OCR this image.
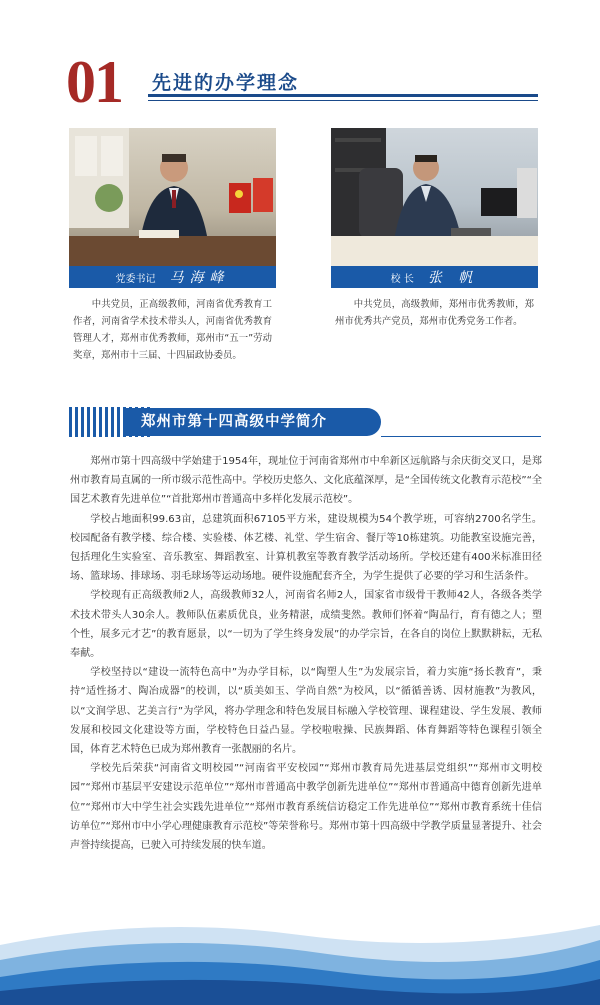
01 先进的办学理念
党委书记 马海峰
中共党员，正高级教师，河南省优秀教育工作者，河南省学术技术带头人，河南省优秀教育管理人才，郑州市优秀教师，郑州市“五一”劳动奖章，郑州市十三届、十四届政协委员。
校 长 张 帆
中共党员，高级教师，郑州市优秀教师，郑州市优秀共产党员，郑州市优秀党务工作者。
郑州市第十四高级中学简介

郑州市第十四高级中学始建于1954年，现址位于河南省郑州市中牟新区远航路与余庆街交叉口，是郑州市教育局直属的一所市级示范性高中。学校历史悠久、文化底蕴深厚，是“全国传统文化教育示范校”“全国艺术教育先进单位”“首批郑州市普通高中多样化发展示范校”。

学校占地面积99.63亩，总建筑面积67105平方米，建设规模为54个教学班，可容纳2700名学生。校园配备有教学楼、综合楼、实验楼、体艺楼、礼堂、学生宿舍、餐厅等10栋建筑。功能教室设施完善，包括理化生实验室、音乐教室、舞蹈教室、计算机教室等教育教学活动场所。学校还建有400米标准田径场、篮球场、排球场、羽毛球场等运动场地。硬件设施配套齐全，为学生提供了必要的学习和生活条件。

学校现有正高级教师2人，高级教师32人，河南省名师2人，国家省市级骨干教师42人，各级各类学术技术带头人30余人。教师队伍素质优良，业务精湛，成绩斐然。教师们怀着“陶品行，育有德之人；塑个性，展多元才艺”的教育愿景，以“一切为了学生终身发展”的办学宗旨，在各自的岗位上默默耕耘，无私奉献。

学校坚持以“建设一流特色高中”为办学目标，以“陶塑人生”为发展宗旨，着力实施“扬长教育”，秉持“适性扬才、陶冶成器”的校训，以“质美如玉、学尚自然”为校风，以“循循善诱、因材施教”为教风，以“文润学思、艺美言行”为学风，将办学理念和特色发展目标融入学校管理、课程建设、学生发展、教师发展和校园文化建设等方面，学校特色日益凸显。学校啦啦操、民族舞蹈、体育舞蹈等特色课程引领全国，体育艺术特色已成为郑州教育一张靓丽的名片。

学校先后荣获“河南省文明校园”“河南省平安校园”“郑州市教育局先进基层党组织”“郑州市文明校园”“郑州市基层平安建设示范单位”“郑州市普通高中教学创新先进单位”“郑州市普通高中德育创新先进单位”“郑州市大中学生社会实践先进单位”“郑州市教育系统信访稳定工作先进单位”“郑州市教育系统十佳信访单位”“郑州市中小学心理健康教育示范校”等荣誉称号。郑州市第十四高级中学教学质量显著提升、社会声誉持续提高，已驶入可持续发展的快车道。
